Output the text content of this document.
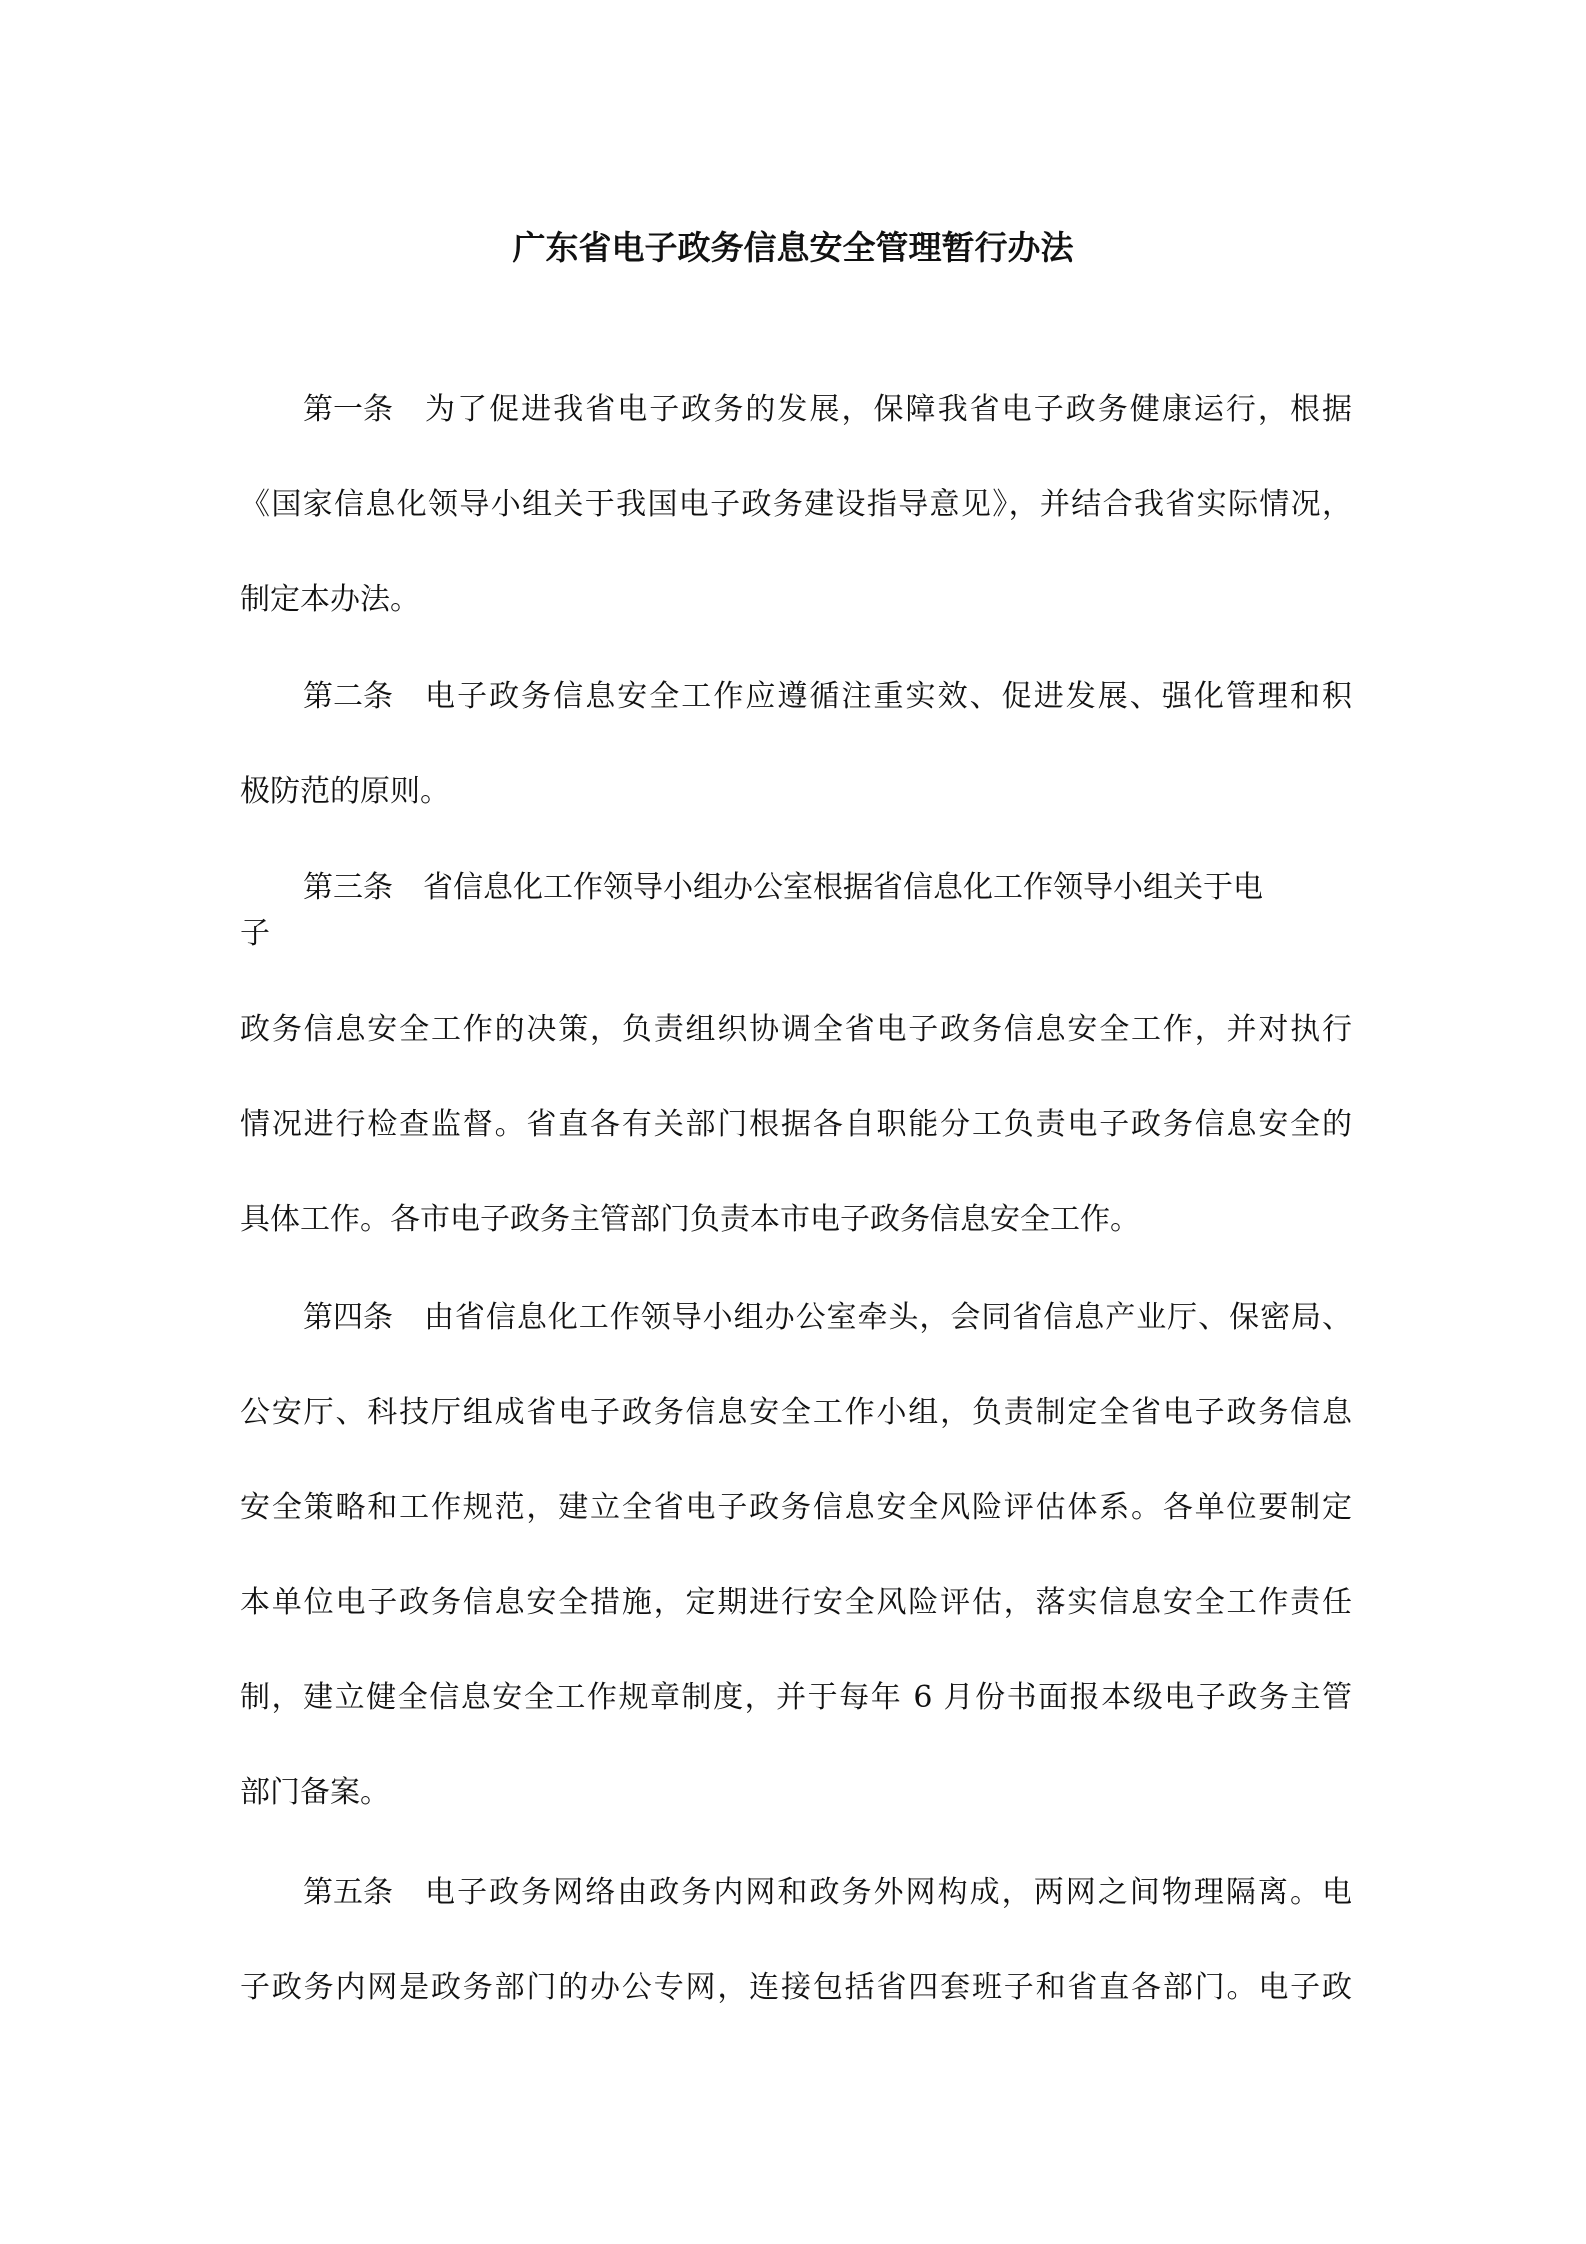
广东省电子政务信息安全管理暂行办法
第一条 为了促进我省电子政务的发展，保障我省电子政务健康运行，根据
《国家信息化领导小组关于我国电子政务建设指导意见》，并结合我省实际情况，
制定本办法。
第二条 电子政务信息安全工作应遵循注重实效、促进发展、强化管理和积
极防范的原则。
第三条 省信息化工作领导小组办公室根据省信息化工作领导小组关于电
子
政务信息安全工作的决策，负责组织协调全省电子政务信息安全工作，并对执行
情况进行检查监督。省直各有关部门根据各自职能分工负责电子政务信息安全的
具体工作。各市电子政务主管部门负责本市电子政务信息安全工作。
第四条 由省信息化工作领导小组办公室牵头，会同省信息产业厅、保密局、
公安厅、科技厅组成省电子政务信息安全工作小组，负责制定全省电子政务信息
安全策略和工作规范，建立全省电子政务信息安全风险评估体系。各单位要制定
本单位电子政务信息安全措施，定期进行安全风险评估，落实信息安全工作责任
制，建立健全信息安全工作规章制度，并于每年 6 月份书面报本级电子政务主管
部门备案。
第五条 电子政务网络由政务内网和政务外网构成，两网之间物理隔离。电
子政务内网是政务部门的办公专网，连接包括省四套班子和省直各部门。电子政
